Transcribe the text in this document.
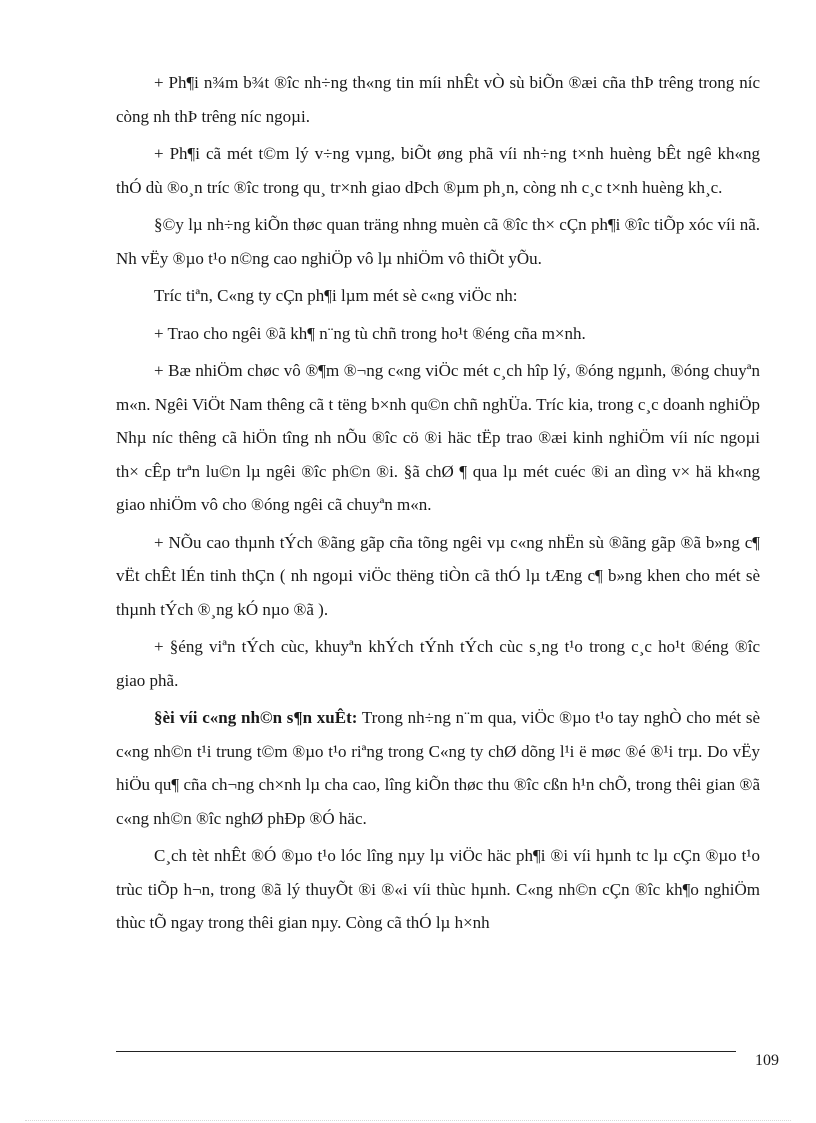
+ Ph¶i n¾m b¾t ®îc nh÷ng th«ng tin míi nhÊt vÒ sù biÕn ®æi cña thÞ trêng trong níc còng nh thÞ trêng níc ngoµi.

+ Ph¶i cã mét t©m lý v÷ng vµng, biÕt øng phã víi nh÷ng t×nh huèng bÊt ngê kh«ng thÓ dù ®o¸n tríc ®îc trong qu¸ tr×nh giao dÞch ®µm ph¸n, còng nh c¸c t×nh huèng kh¸c.

§©y lµ nh÷ng kiÕn thøc quan träng nhng muèn cã ®îc th× cÇn ph¶i ®îc tiÕp xóc víi nã. Nh vËy ®µo t¹o n©ng cao nghiÖp vô lµ nhiÖm vô thiÕt yÕu.

Tríc tiªn, C«ng ty cÇn ph¶i lµm mét sè c«ng viÖc nh:

+ Trao cho ngêi ®ã kh¶ n¨ng tù chñ trong ho¹t ®éng cña m×nh.

+ Bæ nhiÖm chøc vô ®¶m ®¬ng c«ng viÖc mét c¸ch hîp lý, ®óng ngµnh, ®óng chuyªn m«n. Ngêi ViÖt Nam thêng cã t tëng b×nh qu©n chñ nghÜa. Tríc kia, trong c¸c doanh nghiÖp Nhµ níc thêng cã hiÖn tîng nh nÕu ®îc cö ®i häc tËp trao ®æi kinh nghiÖm víi níc ngoµi th× cÊp trªn lu©n lµ ngêi ®îc ph©n ®i. §ã chØ ¶ qua lµ mét cuéc ®i an dìng v× hä kh«ng giao nhiÖm vô cho ®óng ngêi cã chuyªn m«n.

+ NÕu cao thµnh tÝch ®ãng gãp cña tõng ngêi vµ c«ng nhËn sù ®ãng gãp ®ã b»ng c¶ vËt chÊt lÉn tinh thÇn ( nh ngoµi viÖc thëng tiÒn cã thÓ lµ tÆng c¶ b»ng khen cho mét sè thµnh tÝch ®¸ng kÓ nµo ®ã ).

+ §éng viªn tÝch cùc, khuyªn khÝch tÝnh tÝch cùc s¸ng t¹o trong c¸c ho¹t ®éng ®îc giao phã.

§èi víi c«ng nh©n s¶n xuÊt: Trong nh÷ng n¨m qua, viÖc ®µo t¹o tay nghÒ cho mét sè c«ng nh©n t¹i trung t©m ®µo t¹o riªng trong C«ng ty chØ dõng l¹i ë møc ®é ®¹i trµ. Do vËy hiÖu qu¶ cña ch¬ng ch×nh lµ cha cao, lîng kiÕn thøc thu ®îc cßn h¹n chÕ, trong thêi gian ®ã c«ng nh©n ®îc nghØ phÐp ®Ó häc.

C¸ch tèt nhÊt ®Ó ®µo t¹o lóc lîng nµy lµ viÖc häc ph¶i ®i víi hµnh tc lµ cÇn ®µo t¹o trùc tiÕp h¬n, trong ®ã lý thuyÕt ®i ®«i víi thùc hµnh. C«ng nh©n cÇn ®îc kh¶o nghiÖm thùc tÕ ngay trong thêi gian nµy. Còng cã thÓ lµ h×nh

109
